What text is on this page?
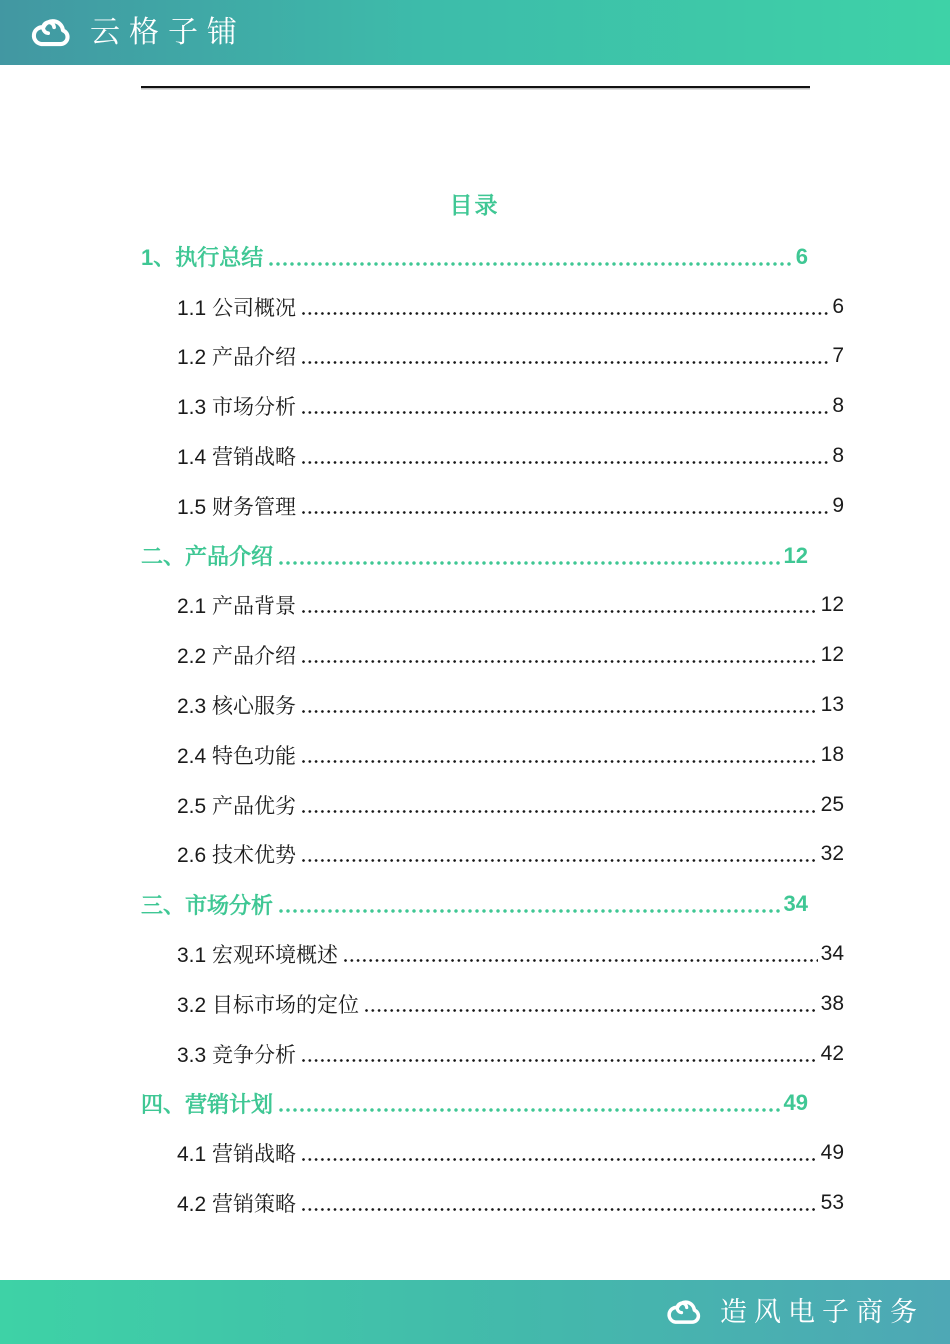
云格子铺
目录
1、执行总结	6
1.1 公司概况	6
1.2 产品介绍	7
1.3 市场分析	8
1.4 营销战略	8
1.5 财务管理	9
二、产品介绍	12
2.1 产品背景	12
2.2 产品介绍	12
2.3 核心服务	13
2.4 特色功能	18
2.5 产品优劣	25
2.6 技术优势	32
三、市场分析	34
3.1 宏观环境概述	34
3.2 目标市场的定位	38
3.3 竞争分析	42
四、营销计划	49
4.1 营销战略	49
4.2 营销策略	53
造风电子商务
